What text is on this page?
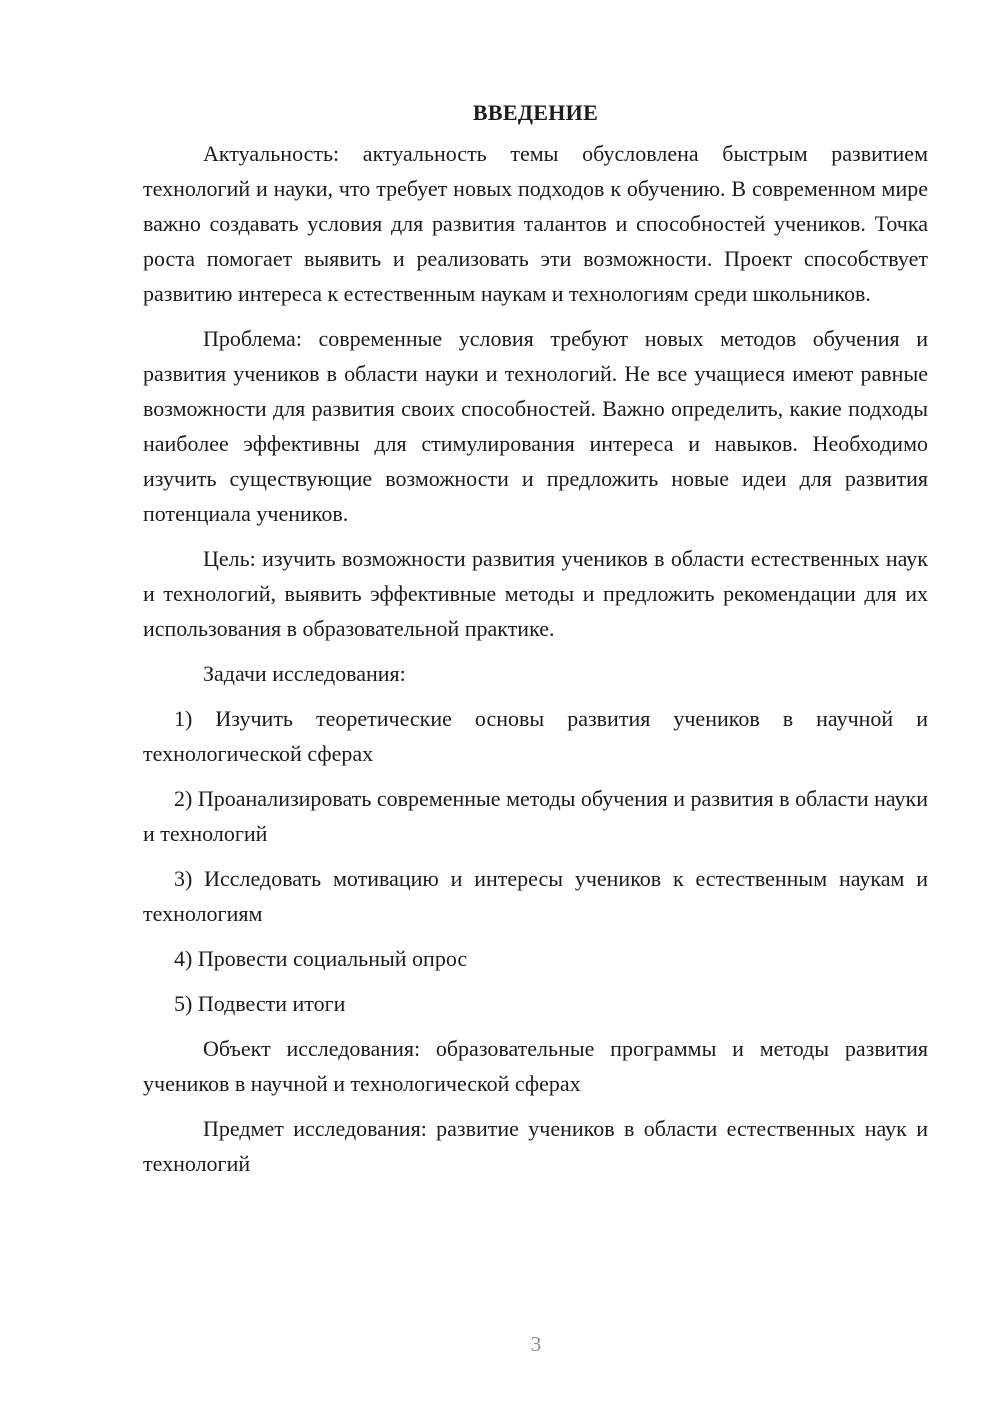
ВВЕДЕНИЕ

Актуальность: актуальность темы обусловлена быстрым развитием технологий и науки, что требует новых подходов к обучению. В современном мире важно создавать условия для развития талантов и способностей учеников. Точка роста помогает выявить и реализовать эти возможности. Проект способствует развитию интереса к естественным наукам и технологиям среди школьников.

Проблема: современные условия требуют новых методов обучения и развития учеников в области науки и технологий. Не все учащиеся имеют равные возможности для развития своих способностей. Важно определить, какие подходы наиболее эффективны для стимулирования интереса и навыков. Необходимо изучить существующие возможности и предложить новые идеи для развития потенциала учеников.

Цель: изучить возможности развития учеников в области естественных наук и технологий, выявить эффективные методы и предложить рекомендации для их использования в образовательной практике.

Задачи исследования:

1) Изучить теоретические основы развития учеников в научной и технологической сферах

2) Проанализировать современные методы обучения и развития в области науки и технологий

3) Исследовать мотивацию и интересы учеников к естественным наукам и технологиям

4) Провести социальный опрос

5) Подвести итоги

Объект исследования: образовательные программы и методы развития учеников в научной и технологической сферах

Предмет исследования: развитие учеников в области естественных наук и технологий

3
